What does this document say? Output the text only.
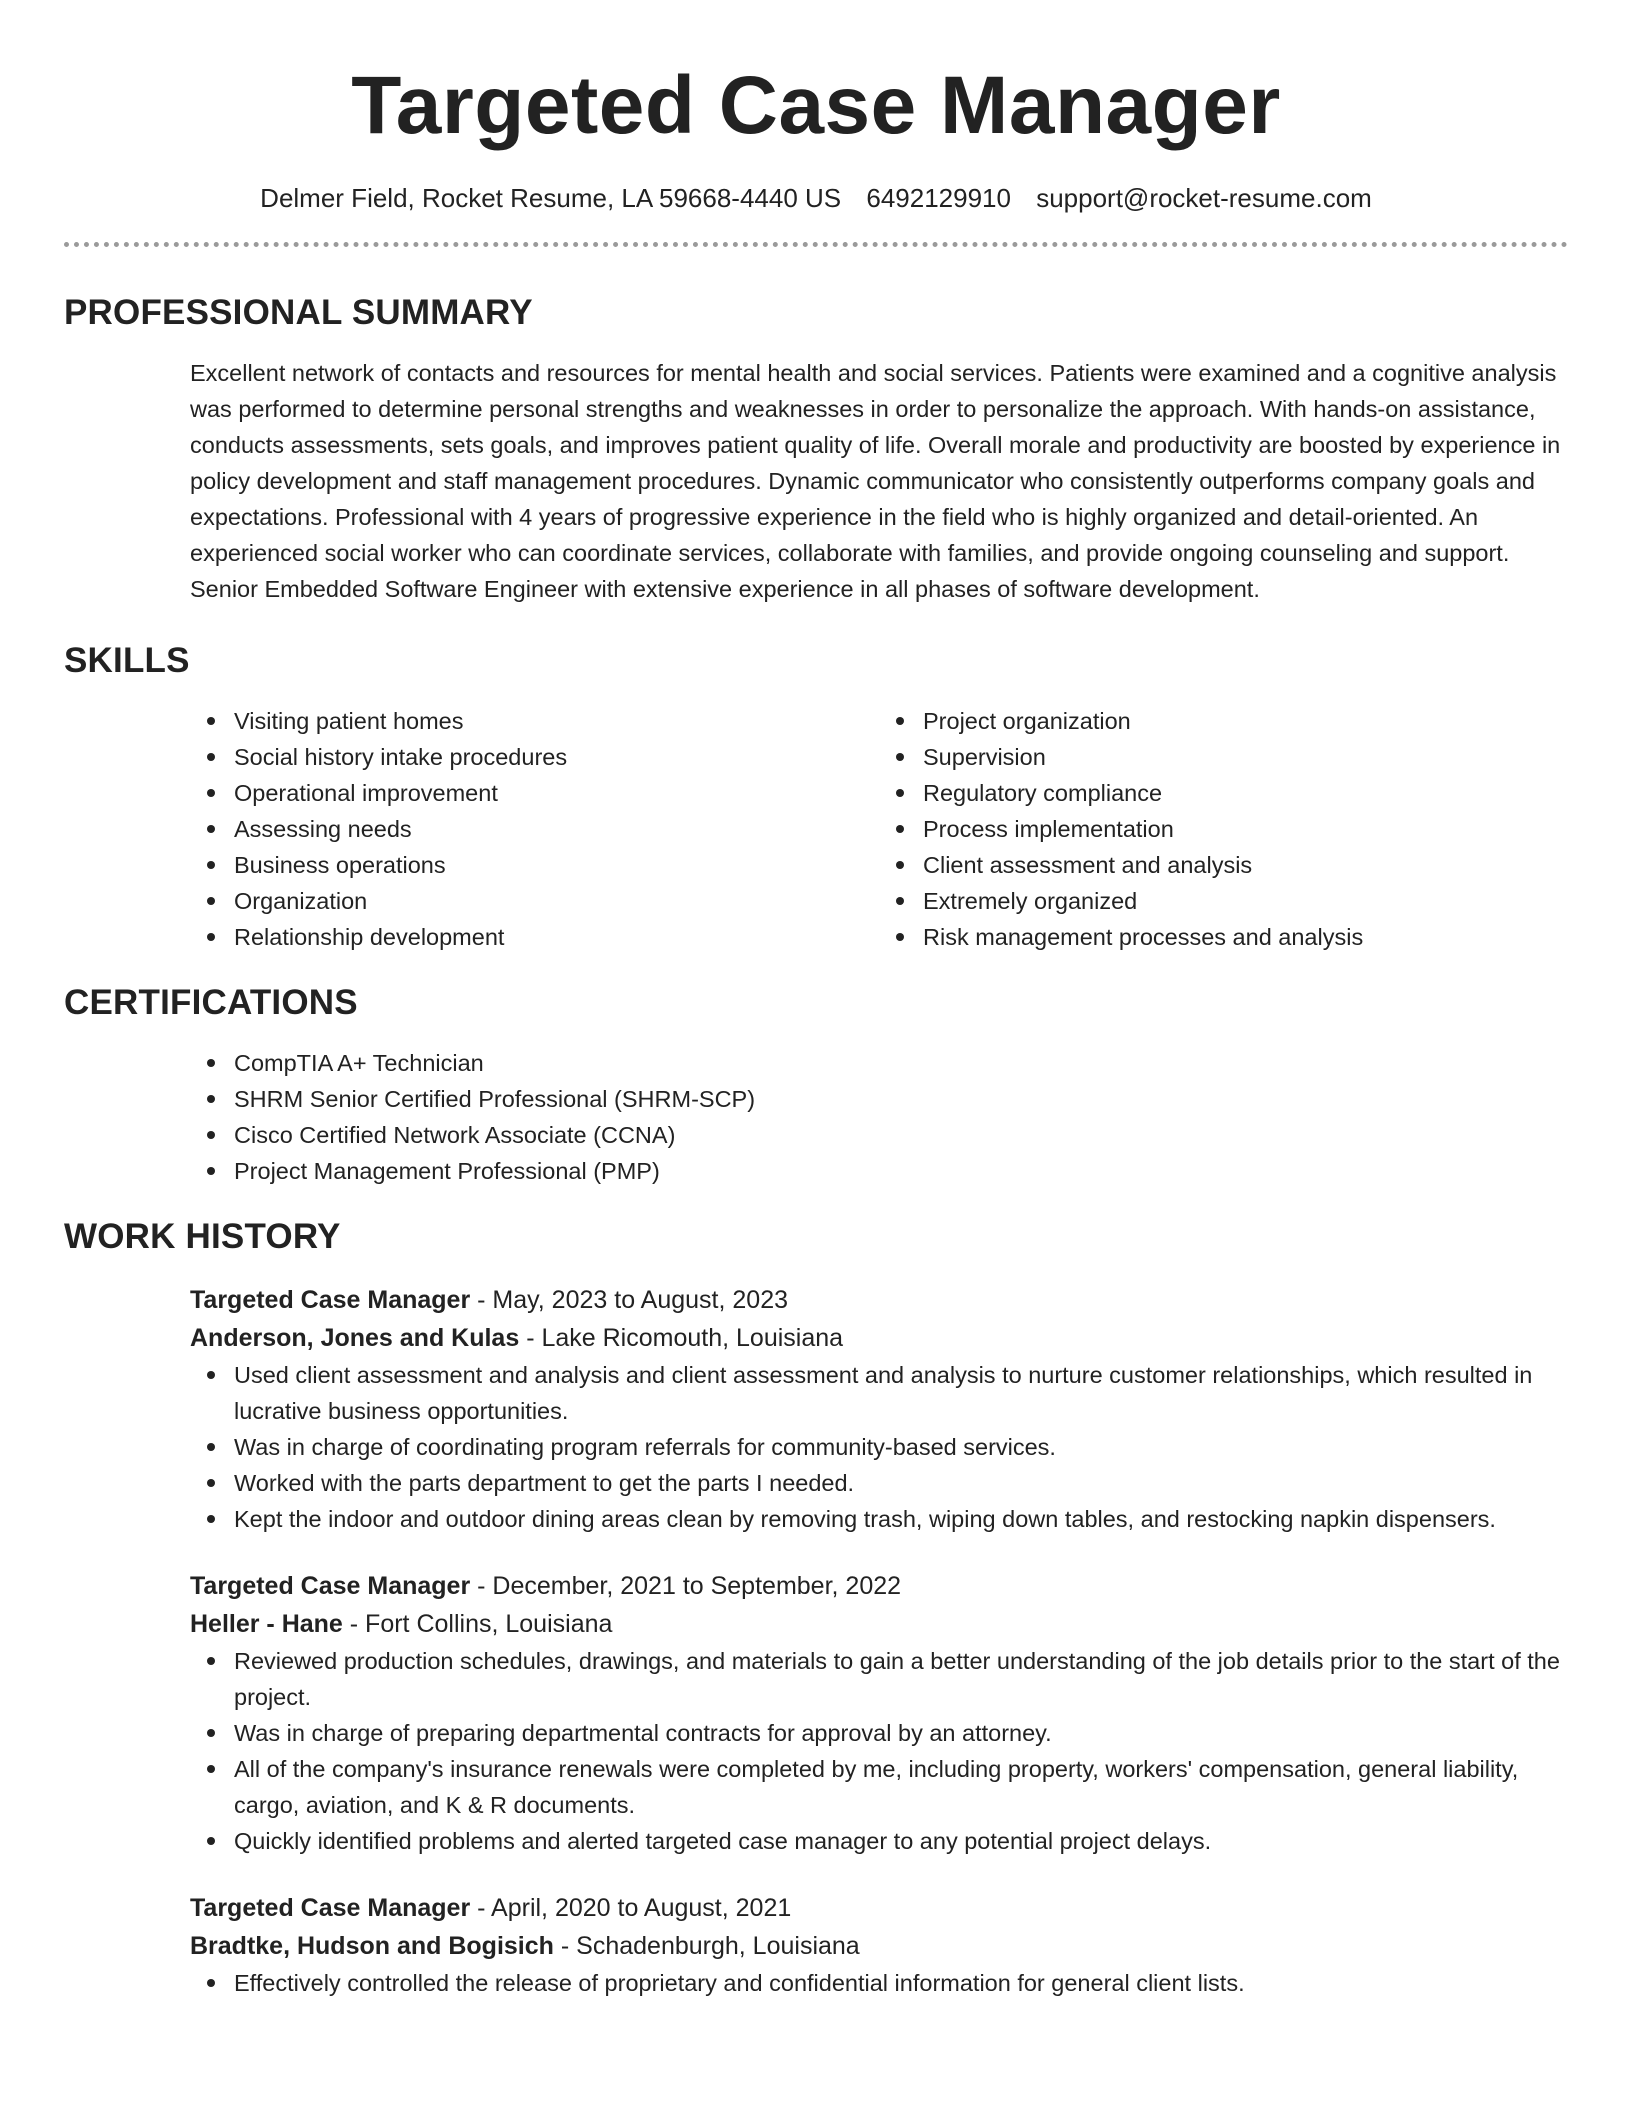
Targeted Case Manager
Delmer Field, Rocket Resume, LA 59668-4440 US 6492129910 support@rocket-resume.com
PROFESSIONAL SUMMARY
Excellent network of contacts and resources for mental health and social services. Patients were examined and a cognitive analysis was performed to determine personal strengths and weaknesses in order to personalize the approach. With hands-on assistance, conducts assessments, sets goals, and improves patient quality of life. Overall morale and productivity are boosted by experience in policy development and staff management procedures. Dynamic communicator who consistently outperforms company goals and expectations. Professional with 4 years of progressive experience in the field who is highly organized and detail-oriented. An experienced social worker who can coordinate services, collaborate with families, and provide ongoing counseling and support. Senior Embedded Software Engineer with extensive experience in all phases of software development.
SKILLS
Visiting patient homes
Social history intake procedures
Operational improvement
Assessing needs
Business operations
Organization
Relationship development
Project organization
Supervision
Regulatory compliance
Process implementation
Client assessment and analysis
Extremely organized
Risk management processes and analysis
CERTIFICATIONS
CompTIA A+ Technician
SHRM Senior Certified Professional (SHRM-SCP)
Cisco Certified Network Associate (CCNA)
Project Management Professional (PMP)
WORK HISTORY
Targeted Case Manager - May, 2023 to August, 2023
Anderson, Jones and Kulas - Lake Ricomouth, Louisiana
Used client assessment and analysis and client assessment and analysis to nurture customer relationships, which resulted in lucrative business opportunities.
Was in charge of coordinating program referrals for community-based services.
Worked with the parts department to get the parts I needed.
Kept the indoor and outdoor dining areas clean by removing trash, wiping down tables, and restocking napkin dispensers.
Targeted Case Manager - December, 2021 to September, 2022
Heller - Hane - Fort Collins, Louisiana
Reviewed production schedules, drawings, and materials to gain a better understanding of the job details prior to the start of the project.
Was in charge of preparing departmental contracts for approval by an attorney.
All of the company's insurance renewals were completed by me, including property, workers' compensation, general liability, cargo, aviation, and K & R documents.
Quickly identified problems and alerted targeted case manager to any potential project delays.
Targeted Case Manager - April, 2020 to August, 2021
Bradtke, Hudson and Bogisich - Schadenburgh, Louisiana
Effectively controlled the release of proprietary and confidential information for general client lists.
